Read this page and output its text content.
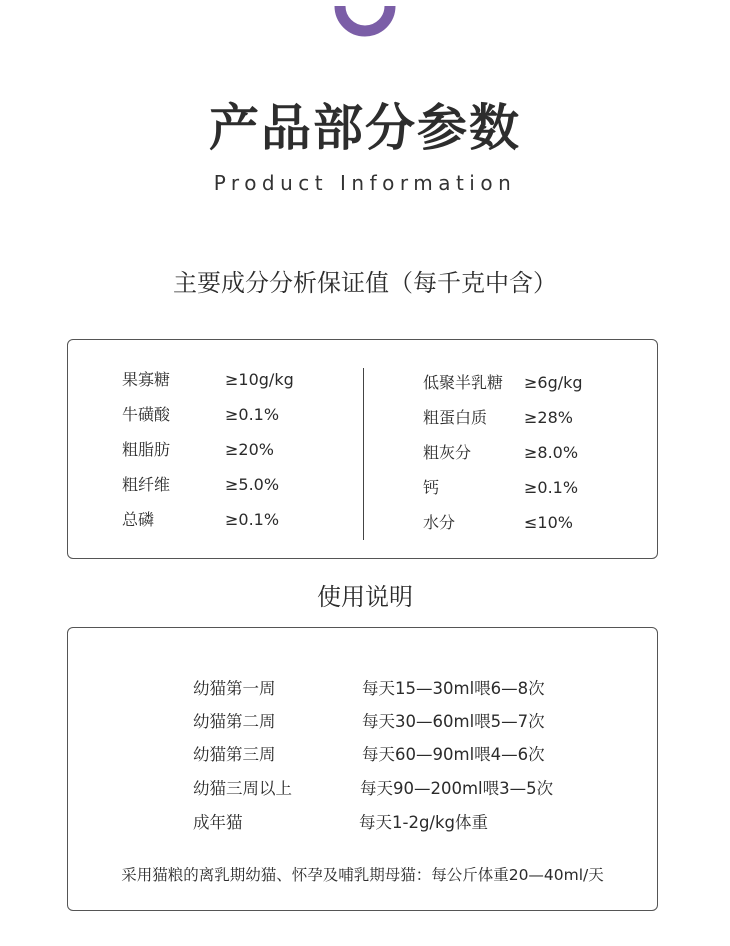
产品部分参数
Product Information
主要成分分析保证值（每千克中含）
果寡糖	≥10g/kg
牛磺酸	≥0.1%
粗脂肪	≥20%
粗纤维	≥5.0%
总磷	≥0.1%
低聚半乳糖 ≥6g/kg
粗蛋白质 ≥28%
粗灰分	≥8.0%
钙	≥0.1%
水分	≤10%
使用说明
幼猫第一周	每天15—30ml喂6—8次
幼猫第二周	每天30—60ml喂5—7次
幼猫第三周	每天60—90ml喂4—6次
幼猫三周以上	每天90—200ml喂3—5次
成年猫	每天1-2g/kg体重
采用猫粮的离乳期幼猫、怀孕及哺乳期母猫：每公斤体重20—40ml/天
